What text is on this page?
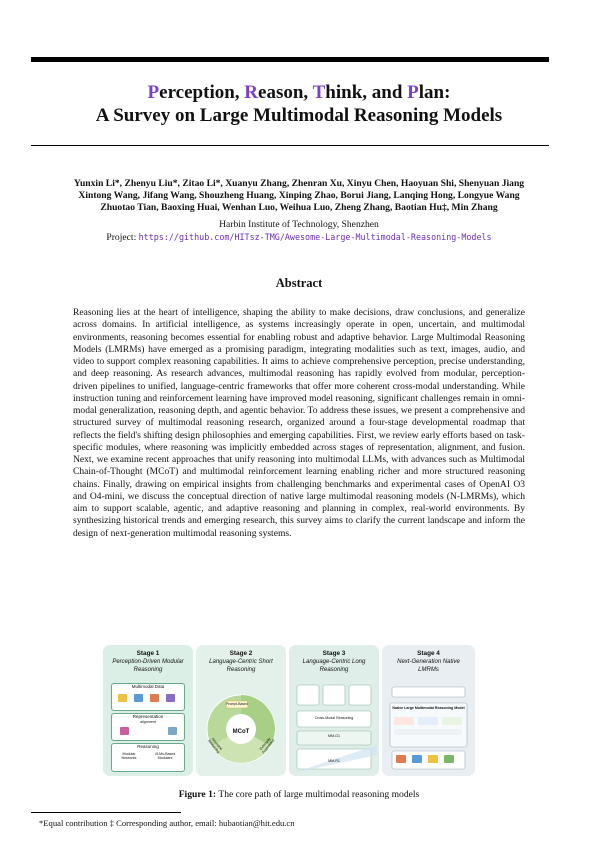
Perception, Reason, Think, and Plan:
A Survey on Large Multimodal Reasoning Models
Yunxin Li*, Zhenyu Liu*, Zitao Li*, Xuanyu Zhang, Zhenran Xu, Xinyu Chen, Haoyuan Shi, Shenyuan Jiang
Xintong Wang, Jifang Wang, Shouzheng Huang, Xinping Zhao, Borui Jiang, Lanqing Hong, Longyue Wang
Zhuotao Tian, Baoxing Huai, Wenhan Luo, Weihua Luo, Zheng Zhang, Baotian Hu‡, Min Zhang
Harbin Institute of Technology, Shenzhen
Project: https://github.com/HITsz-TMG/Awesome-Large-Multimodal-Reasoning-Models
Abstract
Reasoning lies at the heart of intelligence, shaping the ability to make decisions, draw conclusions, and generalize across domains. In artificial intelligence, as systems increasingly operate in open, uncertain, and multimodal environments, reasoning becomes essential for enabling robust and adaptive behavior. Large Multimodal Reasoning Models (LMRMs) have emerged as a promising paradigm, integrating modalities such as text, images, audio, and video to support complex reasoning capabilities. It aims to achieve comprehensive perception, precise understanding, and deep reasoning. As research advances, multimodal reasoning has rapidly evolved from modular, perception-driven pipelines to unified, language-centric frameworks that offer more coherent cross-modal understanding. While instruction tuning and reinforcement learning have improved model reasoning, significant challenges remain in omni-modal generalization, reasoning depth, and agentic behavior. To address these issues, we present a comprehensive and structured survey of multimodal reasoning research, organized around a four-stage developmental roadmap that reflects the field's shifting design philosophies and emerging capabilities. First, we review early efforts based on task-specific modules, where reasoning was implicitly embedded across stages of representation, alignment, and fusion. Next, we examine recent approaches that unify reasoning into multimodal LLMs, with advances such as Multimodal Chain-of-Thought (MCoT) and multimodal reinforcement learning enabling richer and more structured reasoning chains. Finally, drawing on empirical insights from challenging benchmarks and experimental cases of OpenAI O3 and O4-mini, we discuss the conceptual direction of native large multimodal reasoning models (N-LMRMs), which aim to support scalable, agentic, and adaptive reasoning and planning in complex, real-world environments. By synthesizing historical trends and emerging research, this survey aims to clarify the current landscape and inform the design of next-generation multimodal reasoning systems.
Stage 1
Perception-Driven Modular Reasoning
Multimodal Data
Representation
alignment
Reasoning
Modular Networks
VLMs-Based Modulars
Stage 2
Language-Centric Short Reasoning
Prompt-Based
Structural Reasoning	Externally Augmented
MCoT
Stage 3
Language-Centric Long Reasoning
MM-O1
MM-R1
Cross-Modal Reasoning
Stage 4
Next-Generation Native LMRMs
Native Large Multimodal Reasoning Model
Figure 1: The core path of large multimodal reasoning models
*Equal contribution ‡ Corresponding author, email: hubaotian@hit.edu.cn
